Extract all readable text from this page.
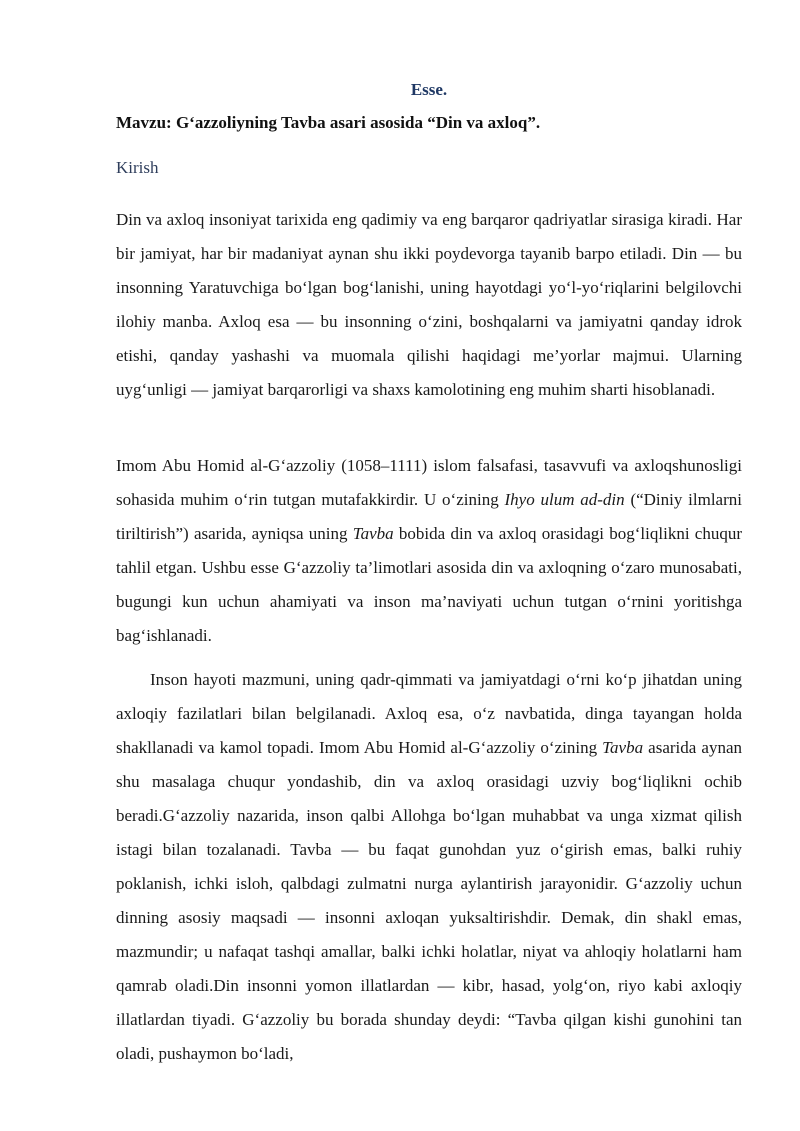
Esse.
Mavzu: G‘azzoliyning Tavba asari asosida “Din va axloq”.
Kirish

Din va axloq insoniyat tarixida eng qadimiy va eng barqaror qadriyatlar sirasiga kiradi. Har bir jamiyat, har bir madaniyat aynan shu ikki poydevorga tayanib barpo etiladi. Din — bu insonning Yaratuvchiga bo‘lgan bog‘lanishi, uning hayotdagi yo‘l-yo‘riqlarini belgilovchi ilohiy manba. Axloq esa — bu insonning o‘zini, boshqalarni va jamiyatni qanday idrok etishi, qanday yashashi va muomala qilishi haqidagi me’yorlar majmui. Ularning uyg‘unligi — jamiyat barqarorligi va shaxs kamolotining eng muhim sharti hisoblanadi.

Imom Abu Homid al-G‘azzoliy (1058–1111) islom falsafasi, tasavvufi va axloqshunosligi sohasida muhim o‘rin tutgan mutafakkirdir. U o‘zining Ihyo ulum ad-din (“Diniy ilmlarni tiriltirish”) asarida, ayniqsa uning Tavba bobida din va axloq orasidagi bog‘liqlikni chuqur tahlil etgan. Ushbu esse G‘azzoliy ta’limotlari asosida din va axloqning o‘zaro munosabati, bugungi kun uchun ahamiyati va inson ma’naviyati uchun tutgan o‘rnini yoritishga bag‘ishlanadi.

Inson hayoti mazmuni, uning qadr-qimmati va jamiyatdagi o‘rni ko‘p jihatdan uning axloqiy fazilatlari bilan belgilanadi. Axloq esa, o‘z navbatida, dinga tayangan holda shakllanadi va kamol topadi. Imom Abu Homid al-G‘azzoliy o‘zining Tavba asarida aynan shu masalaga chuqur yondashib, din va axloq orasidagi uzviy bog‘liqlikni ochib beradi.G‘azzoliy nazarida, inson qalbi Allohga bo‘lgan muhabbat va unga xizmat qilish istagi bilan tozalanadi. Tavba — bu faqat gunohdan yuz o‘girish emas, balki ruhiy poklanish, ichki isloh, qalbdagi zulmatni nurga aylantirish jarayonidir. G‘azzoliy uchun dinning asosiy maqsadi — insonni axloqan yuksaltirishdir. Demak, din shakl emas, mazmundir; u nafaqat tashqi amallar, balki ichki holatlar, niyat va ahloqiy holatlarni ham qamrab oladi.Din insonni yomon illatlardan — kibr, hasad, yolg‘on, riyo kabi axloqiy illatlardan tiyadi. G‘azzoliy bu borada shunday deydi: “Tavba qilgan kishi gunohini tan oladi, pushaymon bo‘ladi,
